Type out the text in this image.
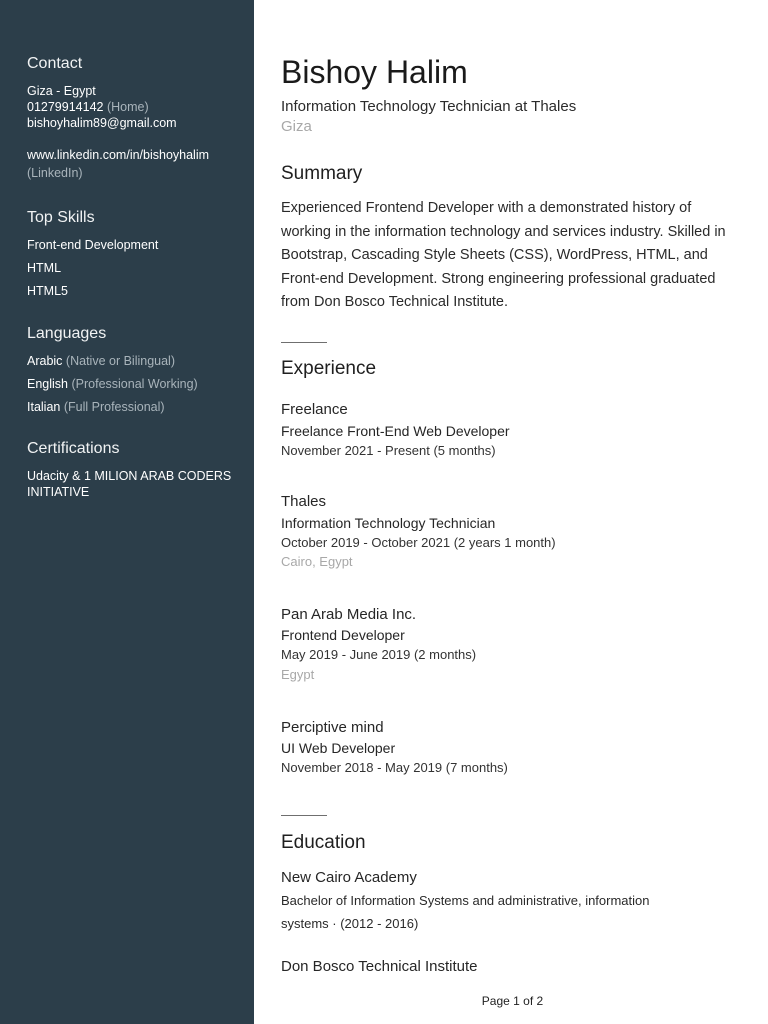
Contact
Giza - Egypt
01279914142 (Home)
bishoyhalim89@gmail.com
www.linkedin.com/in/bishoyhalim
(LinkedIn)
Top Skills
Front-end Development
HTML
HTML5
Languages
Arabic (Native or Bilingual)
English (Professional Working)
Italian (Full Professional)
Certifications
Udacity & 1 MILION ARAB CODERS INITIATIVE
Bishoy Halim
Information Technology Technician at Thales
Giza
Summary
Experienced Frontend Developer with a demonstrated history of working in the information technology and services industry. Skilled in Bootstrap, Cascading Style Sheets (CSS), WordPress, HTML, and Front-end Development. Strong engineering professional graduated from Don Bosco Technical Institute.
Experience
Freelance
Freelance Front-End Web Developer
November 2021 - Present (5 months)
Thales
Information Technology Technician
October 2019 - October 2021 (2 years 1 month)
Cairo, Egypt
Pan Arab Media Inc.
Frontend Developer
May 2019 - June 2019 (2 months)
Egypt
Perciptive mind
UI Web Developer
November 2018 - May 2019 (7 months)
Education
New Cairo Academy
Bachelor of Information Systems and administrative, information systems · (2012 - 2016)
Don Bosco Technical Institute
Page 1 of 2
